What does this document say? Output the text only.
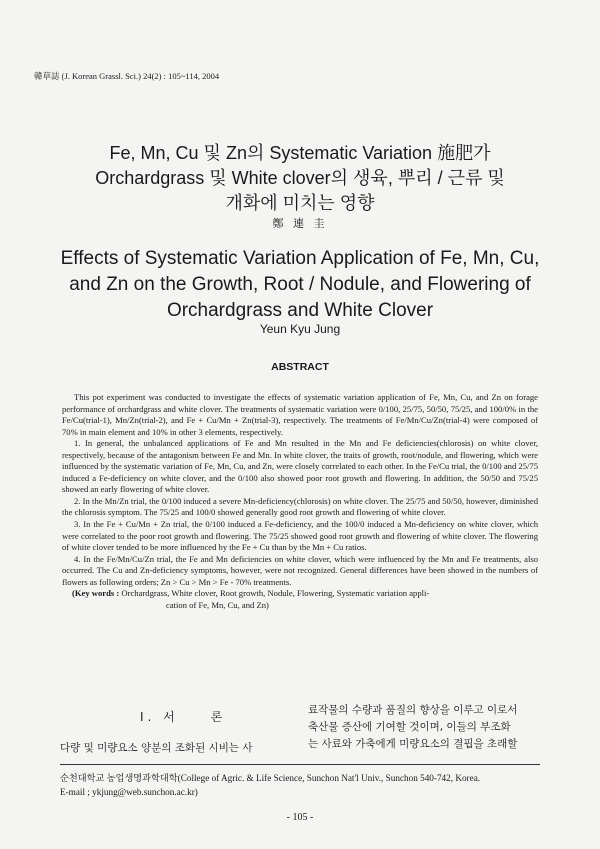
韓草誌 (J. Korean Grassl. Sci.) 24(2) : 105~114, 2004
Fe, Mn, Cu 및 Zn의 Systematic Variation 施肥가
Orchardgrass 및 White clover의 생육, 뿌리 / 근류 및
개화에 미치는 영향
鄭 連 圭
Effects of Systematic Variation Application of Fe, Mn, Cu,
and Zn on the Growth, Root / Nodule, and Flowering of
Orchardgrass and White Clover
Yeun Kyu Jung
ABSTRACT

This pot experiment was conducted to investigate the effects of systematic variation application of Fe, Mn, Cu, and Zn on forage performance of orchardgrass and white clover. The treatments of systematic variation were 0/100, 25/75, 50/50, 75/25, and 100/0% in the Fe/Cu(trial-1), Mn/Zn(trial-2), and Fe + Cu/Mn + Zn(trial-3), respectively. The treatments of Fe/Mn/Cu/Zn(trial-4) were composed of 70% in main element and 10% in other 3 elements, respectively.

1. In general, the unbalanced applications of Fe and Mn resulted in the Mn and Fe deficiencies(chlorosis) on white clover, respectively, because of the antagonism between Fe and Mn. In white clover, the traits of growth, root/nodule, and flowering, which were influenced by the systematic variation of Fe, Mn, Cu, and Zn, were closely correlated to each other. In the Fe/Cu trial, the 0/100 and 25/75 induced a Fe-deficiency on white clover, and the 0/100 also showed poor root growth and flowering. In addition, the 50/50 and 75/25 showed an early flowering of white clover.

2. In the Mn/Zn trial, the 0/100 induced a severe Mn-deficiency(chlorosis) on white clover. The 25/75 and 50/50, however, diminished the chlorosis symptom. The 75/25 and 100/0 showed generally good root growth and flowering of white clover.

3. In the Fe + Cu/Mn + Zn trial, the 0/100 induced a Fe-deficiency, and the 100/0 induced a Mn-deficiency on white clover, which were correlated to the poor root growth and flowering. The 75/25 showed good root growth and flowering of white clover. The flowering of white clover tended to be more influenced by the Fe + Cu than by the Mn + Cu ratios.

4. In the Fe/Mn/Cu/Zn trial, the Fe and Mn deficiencies on white clover, which were influenced by the Mn and Fe treatments, also occurred. The Cu and Zn-deficiency symptoms, however, were not recognized. General differences have been showed in the numbers of flowers as following orders; Zn > Cu > Mn > Fe - 70% treatments.

(Key words : Orchardgrass, White clover, Root growth, Nodule, Flowering, Systematic variation appli-
cation of Fe, Mn, Cu, and Zn)

Ⅰ. 서　　론
다량 및 미량요소 양분의 조화된 시비는 사
료작물의 수량과 품질의 향상을 이루고 이로서
축산물 증산에 기여할 것이며, 이들의 부조화
는 사료와 가축에게 미량요소의 결핍을 초래할
순천대학교 농업생명과학대학(College of Agric. & Life Science, Sunchon Nat'l Univ., Sunchon 540-742, Korea.
E-mail ; ykjung@web.sunchon.ac.kr)
- 105 -
